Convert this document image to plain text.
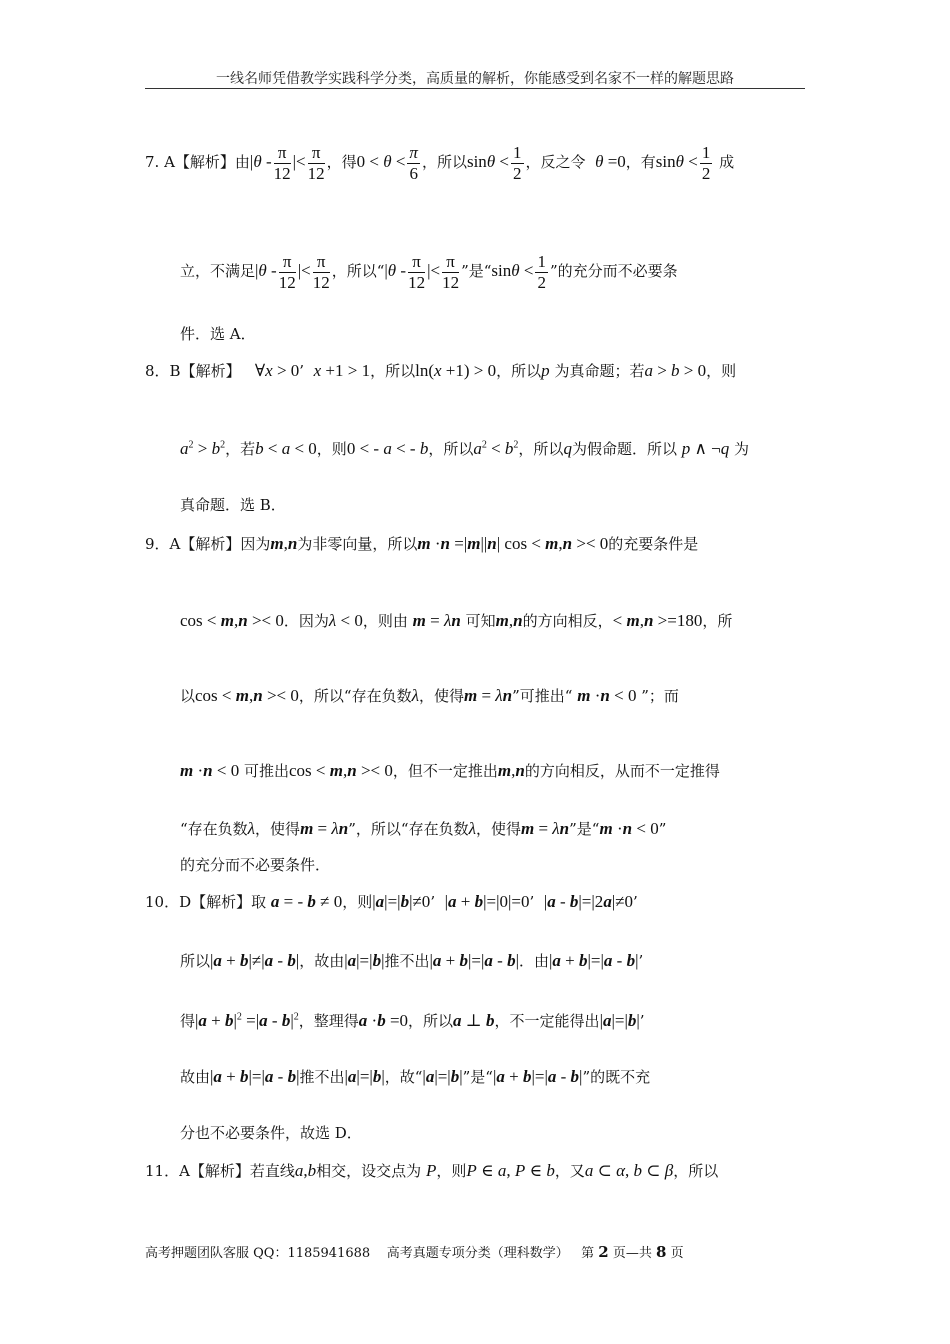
一线名师凭借教学实践科学分类，高质量的解析，你能感受到名家不一样的解题思路
7. A【解析】由$|\theta - \frac{\pi}{12}$ |< $\frac{\pi}{12}$ ，得$0 < \theta < \frac{\pi}{6}$ ，所以$\sin\theta < \frac{1}{2}$ ，反之令 θ =0，有$\sin\theta < \frac{1}{2}$ 成
立，不满足$|\theta - \frac{\pi}{12}$ |< $\frac{\pi}{12}$ ，所以“$|\theta - \frac{\pi}{12}$ |< $\frac{\pi}{12}$ ”是“$\sin\theta < \frac{1}{2}$ ”的充分而不必要条
件．选 A．
8．B【解析】 ∀x > 0’  x +1 > 1，所以ln(x +1) > 0，所以p 为真命题；若a > b > 0，则
$a^2 > b^2$，若b < a < 0，则0 < - a < - b，所以$a^2 < b^2$，所以q为假命题．所以 p ∧ ¬q 为
真命题．选 B．
9．A【解析】因为m,n为非零向量，所以m ·n =|m||n| cos < m,n >< 0的充要条件是
cos < m,n >< 0．因为λ < 0，则由 m = λn 可知m,n的方向相反，< m,n >=180，所
以cos < m,n >< 0，所以“存在负数λ，使得m = λn”可推出“ m ·n < 0 ”；而
m ·n < 0 可推出cos < m,n >< 0，但不一定推出m,n的方向相反，从而不一定推得
“存在负数λ，使得m = λn”，所以“存在负数λ，使得m = λn”是“m ·n < 0”
的充分而不必要条件．
10．D【解析】取 a = - b ≠ 0，则|a|=|b|≠0’  |a + b|=|0|=0’  |a - b|=|2a|≠0’
所以|a + b|≠|a - b|，故由|a|=|b|推不出|a + b|=|a - b|．由|a + b|=|a - b|’
得$|a + b|^2 =|a - b|^2$，整理得a ·b =0，所以a ⊥ b，不一定能得出|a|=|b|’
故由|a + b|=|a - b|推不出|a|=|b|，故“|a|=|b|”是“|a + b|=|a - b|”的既不充
分也不必要条件，故选 D．
11．A【解析】若直线a,b相交，设交点为 P，则P ∈ a, P ∈ b，又a ⊂ α, b ⊂ β，所以
高考押题团队客服 QQ：1185941688 高考真题专项分类（理科数学） 第 2 页—共 8 页
